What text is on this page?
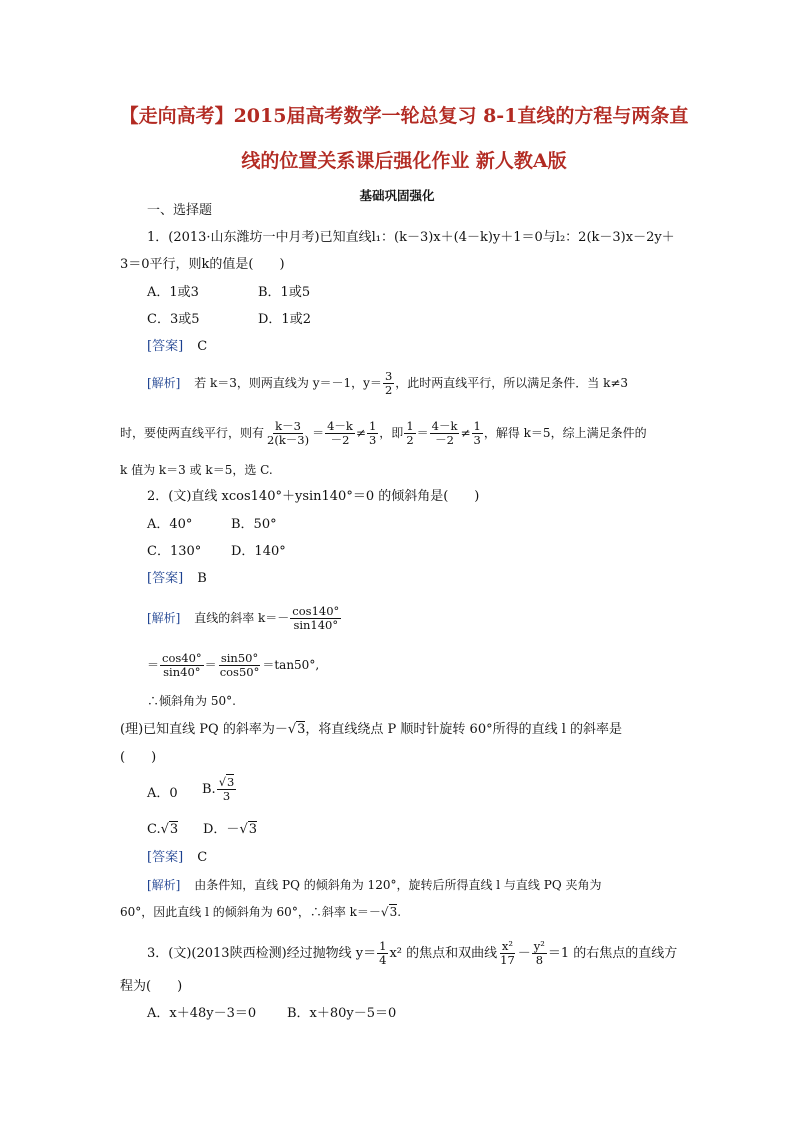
【走向高考】2015届高考数学一轮总复习 8-1直线的方程与两条直
线的位置关系课后强化作业 新人教A版
基础巩固强化
一、选择题
1．(2013·山东潍坊一中月考)已知直线l₁：(k－3)x＋(4－k)y＋1＝0与l₂：2(k－3)x－2y＋
3＝0平行，则k的值是(　　)
A．1或3	B．1或5
C．3或5	D．1或2
[答案] C
[解析] 若 k＝3，则两直线为 y＝－1，$y= \frac{3}{2}$ ，此时两直线平行，所以满足条件．当 k≠3
时，要使两直线平行，则有 $\frac{k-3}{2(k-3)} = \frac{4-k}{-2} \ne \frac{1}{3}$ ，即 $\frac{1}{2} = \frac{4-k}{-2} \ne \frac{1}{3}$ ，解得 k＝5，综上满足条件的
k 值为 k＝3 或 k＝5，选 C.
2．(文)直线 xcos140°＋ysin140°＝0 的倾斜角是(　　)
A．40°	B．50°
C．130° D．140°
[答案] B
[解析] 直线的斜率 $k=- \frac{\cos 140^\circ}{\sin 140^\circ}$
＝ $\frac{\cos 40^\circ}{\sin 40^\circ} = \frac{\sin 50^\circ}{\cos 50^\circ} =\tan 50^\circ$,
∴倾斜角为 50°.
(理)已知直线 PQ 的斜率为－√3，将直线绕点 P 顺时针旋转 60°所得的直线 l 的斜率是
(　　)
A．0 B. $\frac{√3}{3}$
C.√3 D．－√3
[答案] C
[解析] 由条件知，直线 PQ 的倾斜角为 120°，旋转后所得直线 l 与直线 PQ 夹角为
60°，因此直线 l 的倾斜角为 60°，∴斜率 k＝－√3.
3．(文)(2013陕西检测)经过抛物线 $y= \frac{1}{4} x^2$ 的焦点和双曲线 $\frac{\text{x²}}{17} - \frac{\text{y²}}{8} =1$ 的右焦点的直线方
程为(　　)
A．x＋48y－3＝0 B．x＋80y－5＝0
